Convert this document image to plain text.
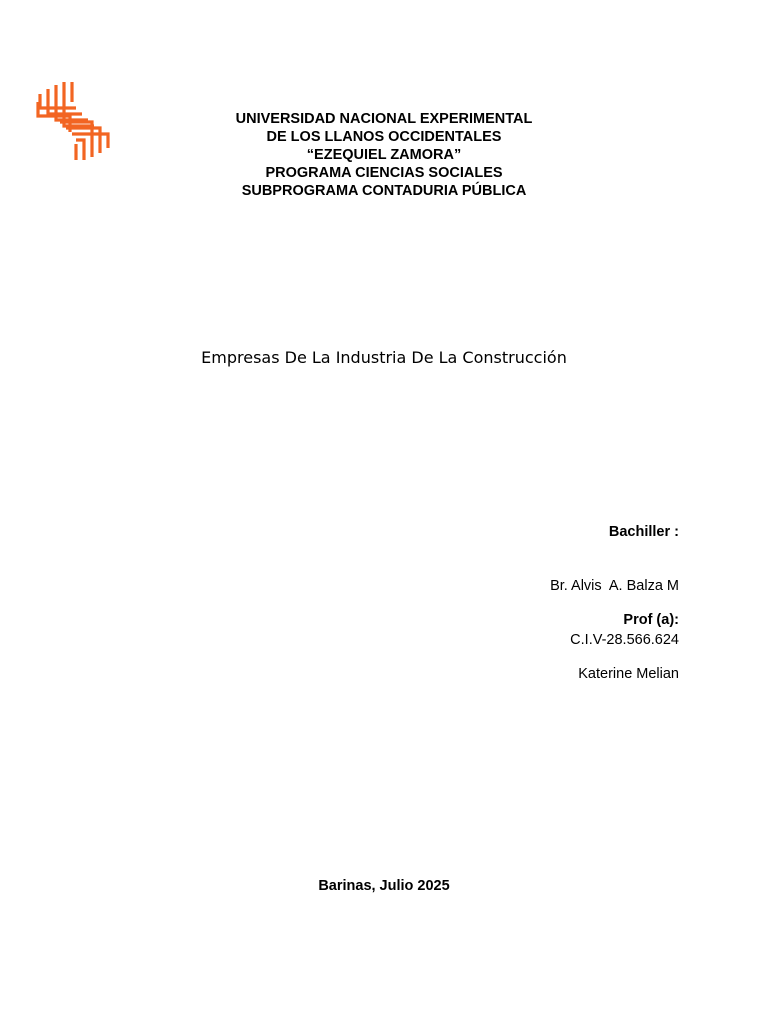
UNIVERSIDAD NACIONAL EXPERIMENTAL
DE LOS LLANOS OCCIDENTALES
“EZEQUIEL ZAMORA”
PROGRAMA CIENCIAS SOCIALES
SUBPROGRAMA CONTADURIA PÚBLICA
Empresas De La Industria De La Construcción

Bachiller :

Br. Alvis  A. Balza M

C.I.V-28.566.624

Prof (a):

Katerine Melian

Barinas, Julio 2025
